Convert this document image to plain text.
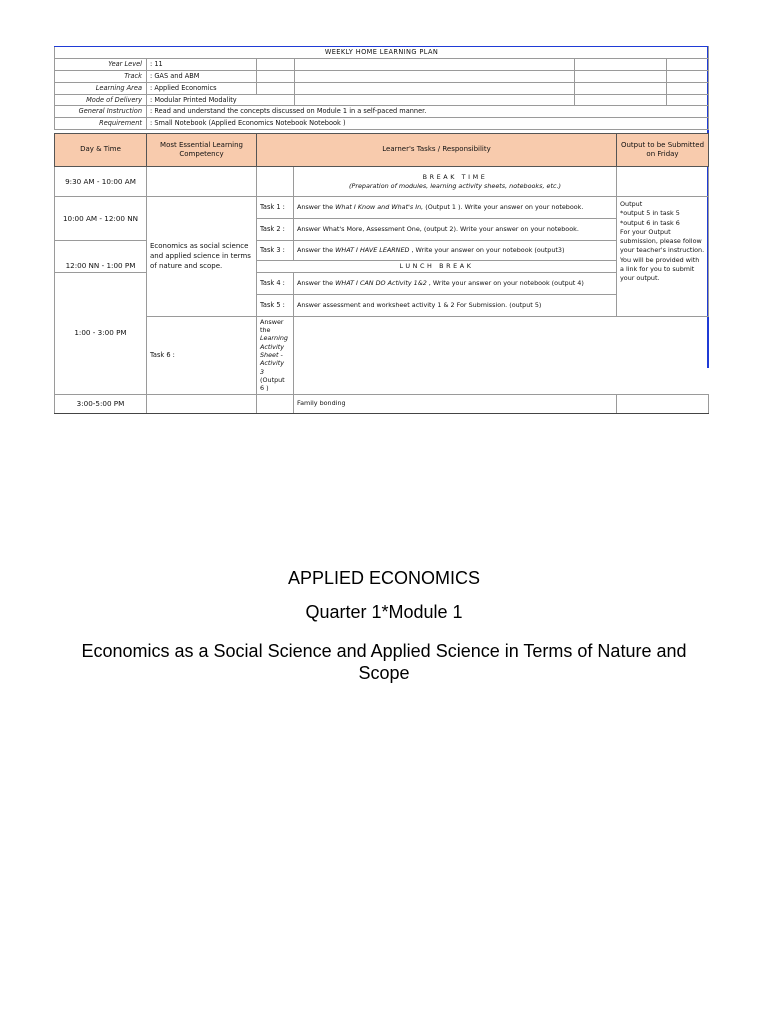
WEEKLY HOME LEARNING PLAN					
Year Level	: 11				
Track	: GAS and ABM				
Learning Area	: Applied Economics				
Mode of Delivery	: Modular Printed Modality				
General Instruction	: Read and understand the concepts discussed on Module 1 in a self-paced manner.				
Requirement	: Small Notebook (Applied Economics Notebook Notebook )				

Day & Time	Most Essential Learning Competency	Learner's Tasks / Responsibility		Output to be Submitted on Friday
9:30 AM - 10:00 AM			BREAK TIME
(Preparation of modules, learning activity sheets, notebooks, etc.)	

10:00 AM - 12:00 NN	Economics as social science and applied science in terms of nature and scope.	Task 1 :	Answer the What I Know and What's In, (Output 1 ). Write your answer on your notebook.	Output
*output 5 in task 5
*output 6 in task 6
For your Output submission, please follow your teacher's instruction. You will be provided with a link for you to submit your output.

		Task 2 :	Answer What's More, Assessment One, (output 2). Write your answer on your notebook.	
12:00 NN - 1:00 PM		Task 3 :	Answer the WHAT I HAVE LEARNED , Write your answer on your notebook (output3)	
		LUNCH BREAK		
1:00 - 3:00 PM		Task 4 :	Answer the WHAT I CAN DO Activity 1&2 , Write your answer on your notebook (output 4)	
		Task 5 :	Answer assessment and worksheet activity 1 & 2 For Submission. (output 5)	
	Task 6 :	Answer the Learning Activity Sheet - Activity 3 (Output 6 )		
3:00-5:00 PM			Family bonding	
APPLIED ECONOMICS
Quarter 1*Module 1
Economics as a Social Science and Applied Science in Terms of Nature and Scope
